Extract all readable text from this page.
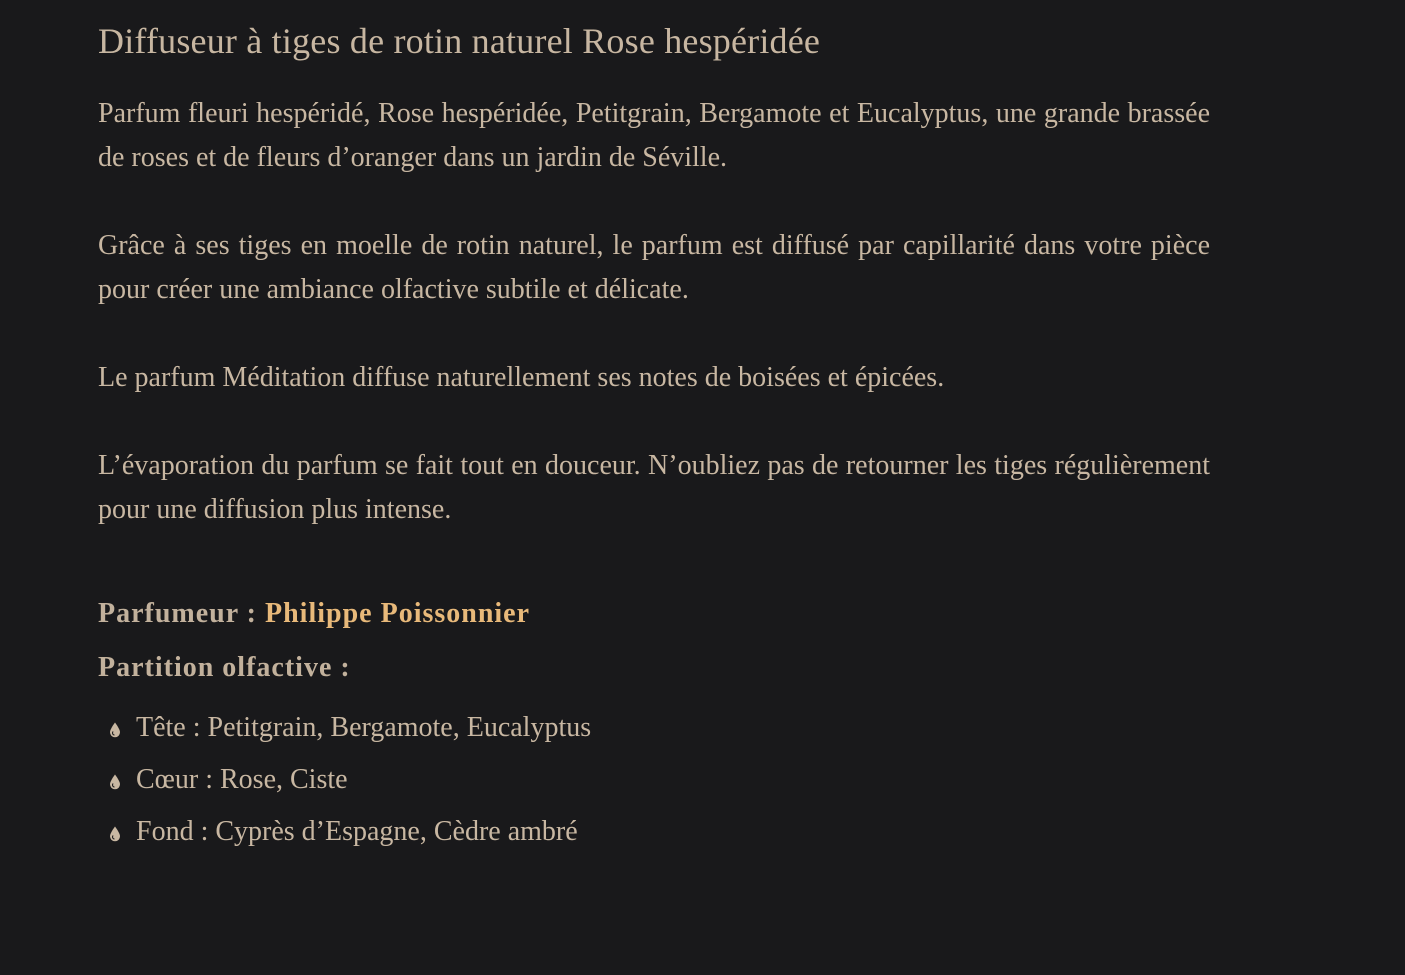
Diffuseur à tiges de rotin naturel Rose hespéridée

Parfum fleuri hespéridé, Rose hespéridée, Petitgrain, Bergamote et Eucalyptus, une grande brassée de roses et de fleurs d’oranger dans un jardin de Séville.

Grâce à ses tiges en moelle de rotin naturel, le parfum est diffusé par capillarité dans votre pièce pour créer une ambiance olfactive subtile et délicate.

Le parfum Méditation diffuse naturellement ses notes de boisées et épicées.

L’évaporation du parfum se fait tout en douceur. N’oubliez pas de retourner les tiges régulièrement pour une diffusion plus intense.

Parfumeur : Philippe Poissonnier
Partition olfactive :
Tête : Petitgrain, Bergamote, Eucalyptus
Cœur : Rose, Ciste
Fond : Cyprès d’Espagne, Cèdre ambré
